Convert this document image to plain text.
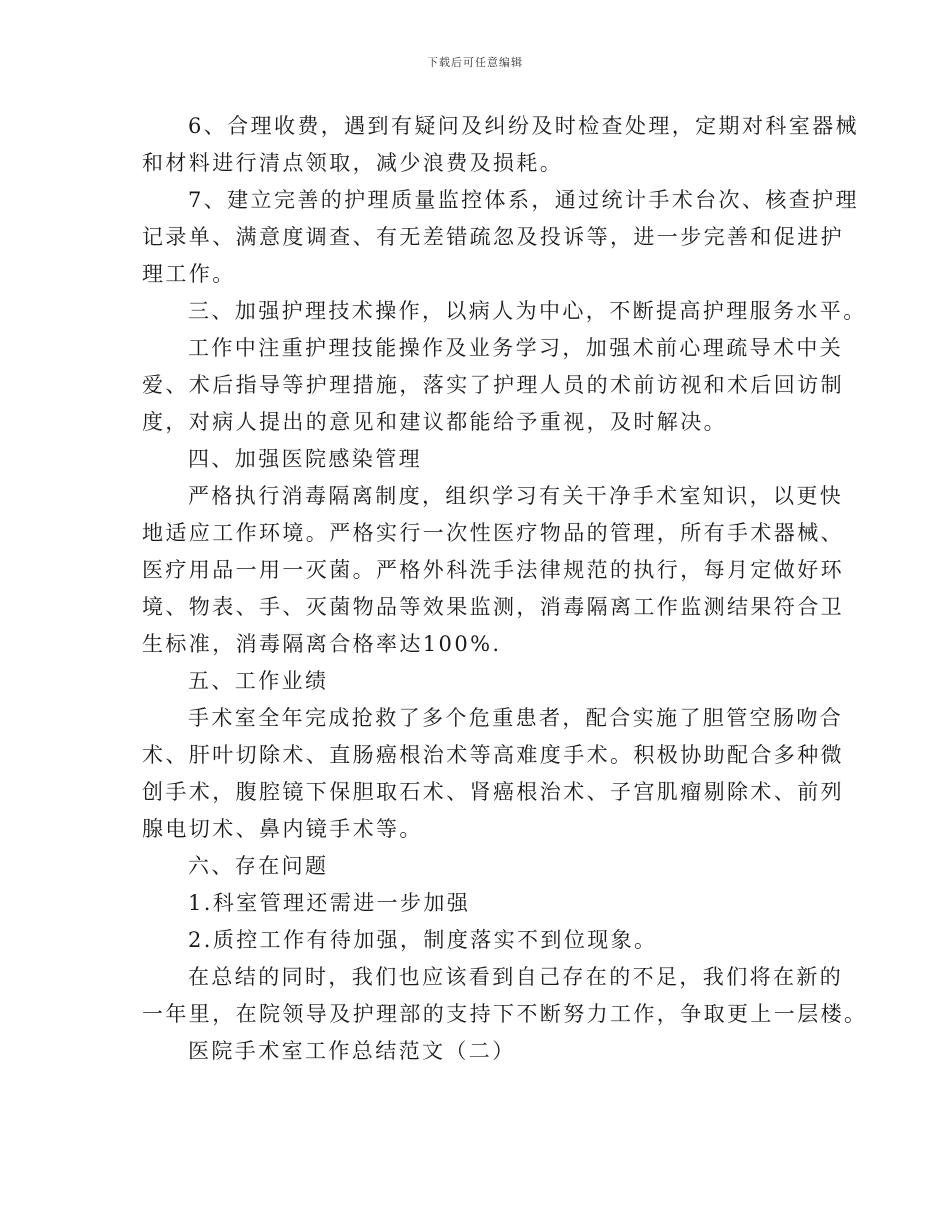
下载后可任意编辑
6、合理收费，遇到有疑问及纠纷及时检查处理，定期对科室器械
和材料进行清点领取，减少浪费及损耗。
7、建立完善的护理质量监控体系，通过统计手术台次、核查护理
记录单、满意度调查、有无差错疏忽及投诉等，进一步完善和促进护
理工作。
三、加强护理技术操作，以病人为中心，不断提高护理服务水平。
工作中注重护理技能操作及业务学习，加强术前心理疏导术中关
爱、术后指导等护理措施，落实了护理人员的术前访视和术后回访制
度，对病人提出的意见和建议都能给予重视，及时解决。
四、加强医院感染管理
严格执行消毒隔离制度，组织学习有关干净手术室知识，以更快
地适应工作环境。严格实行一次性医疗物品的管理，所有手术器械、
医疗用品一用一灭菌。严格外科洗手法律规范的执行，每月定做好环
境、物表、手、灭菌物品等效果监测，消毒隔离工作监测结果符合卫
生标准，消毒隔离合格率达100%.
五、工作业绩
手术室全年完成抢救了多个危重患者，配合实施了胆管空肠吻合
术、肝叶切除术、直肠癌根治术等高难度手术。积极协助配合多种微
创手术，腹腔镜下保胆取石术、肾癌根治术、子宫肌瘤剔除术、前列
腺电切术、鼻内镜手术等。
六、存在问题
1.科室管理还需进一步加强
2.质控工作有待加强，制度落实不到位现象。
在总结的同时，我们也应该看到自己存在的不足，我们将在新的
一年里，在院领导及护理部的支持下不断努力工作，争取更上一层楼。
医院手术室工作总结范文（二）
